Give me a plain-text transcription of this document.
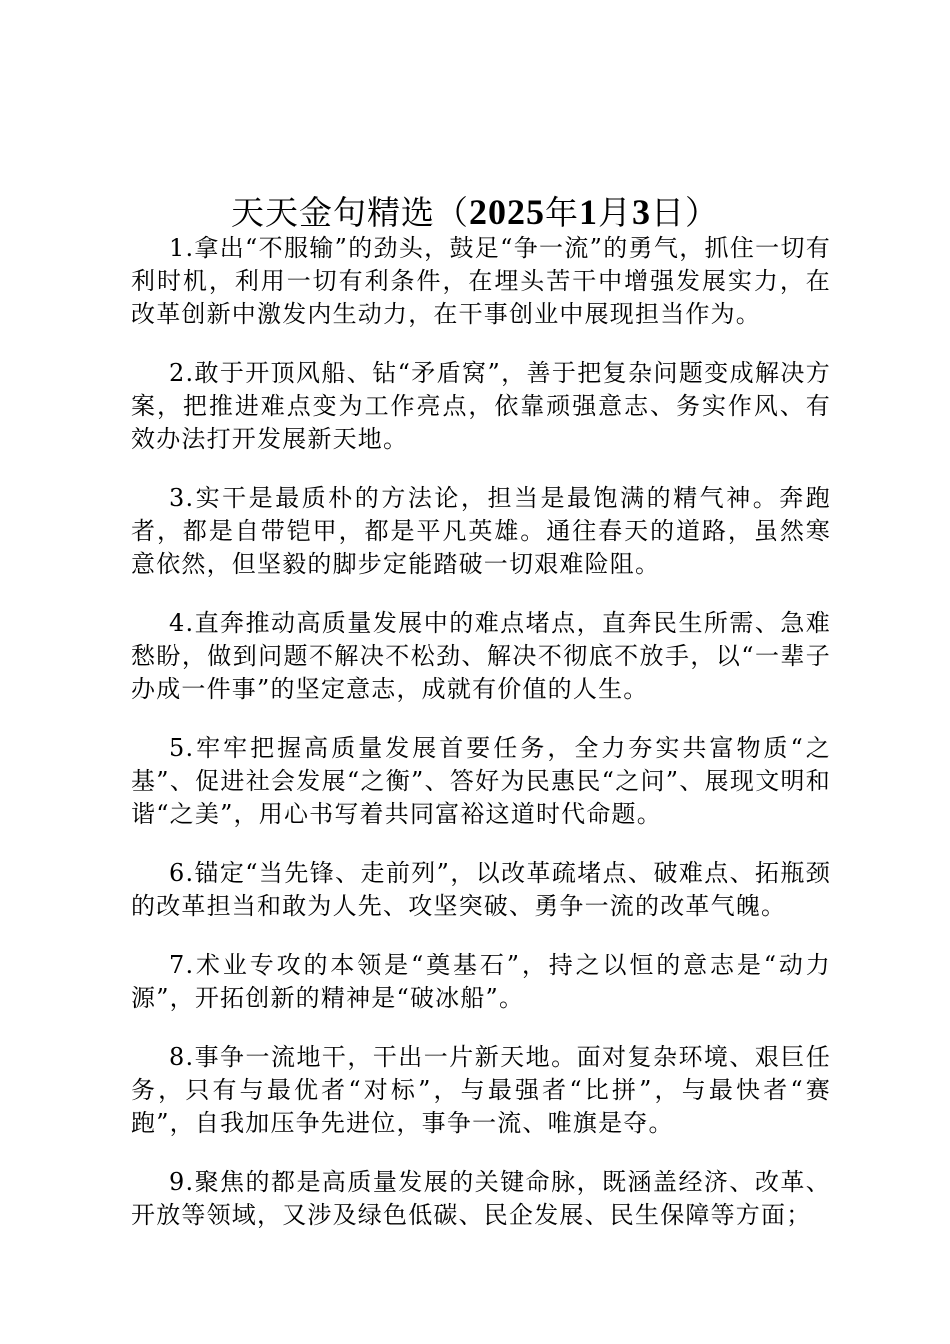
天天金句精选（2025年1月3日）

1.拿出“不服输”的劲头，鼓足“争一流”的勇气，抓住一切有利时机，利用一切有利条件，在埋头苦干中增强发展实力，在改革创新中激发内生动力，在干事创业中展现担当作为。

2.敢于开顶风船、钻“矛盾窝”，善于把复杂问题变成解决方案，把推进难点变为工作亮点，依靠顽强意志、务实作风、有效办法打开发展新天地。

3.实干是最质朴的方法论，担当是最饱满的精气神。奔跑者，都是自带铠甲，都是平凡英雄。通往春天的道路，虽然寒意依然，但坚毅的脚步定能踏破一切艰难险阻。

4.直奔推动高质量发展中的难点堵点，直奔民生所需、急难愁盼，做到问题不解决不松劲、解决不彻底不放手，以“一辈子办成一件事”的坚定意志，成就有价值的人生。

5.牢牢把握高质量发展首要任务，全力夯实共富物质“之基”、促进社会发展“之衡”、答好为民惠民“之问”、展现文明和谐“之美”，用心书写着共同富裕这道时代命题。

6.锚定“当先锋、走前列”，以改革疏堵点、破难点、拓瓶颈的改革担当和敢为人先、攻坚突破、勇争一流的改革气魄。

7.术业专攻的本领是“奠基石”，持之以恒的意志是“动力源”，开拓创新的精神是“破冰船”。

8.事争一流地干，干出一片新天地。面对复杂环境、艰巨任务，只有与最优者“对标”，与最强者“比拼”，与最快者“赛跑”，自我加压争先进位，事争一流、唯旗是夺。

9.聚焦的都是高质量发展的关键命脉，既涵盖经济、改革、开放等领域，又涉及绿色低碳、民企发展、民生保障等方面；
